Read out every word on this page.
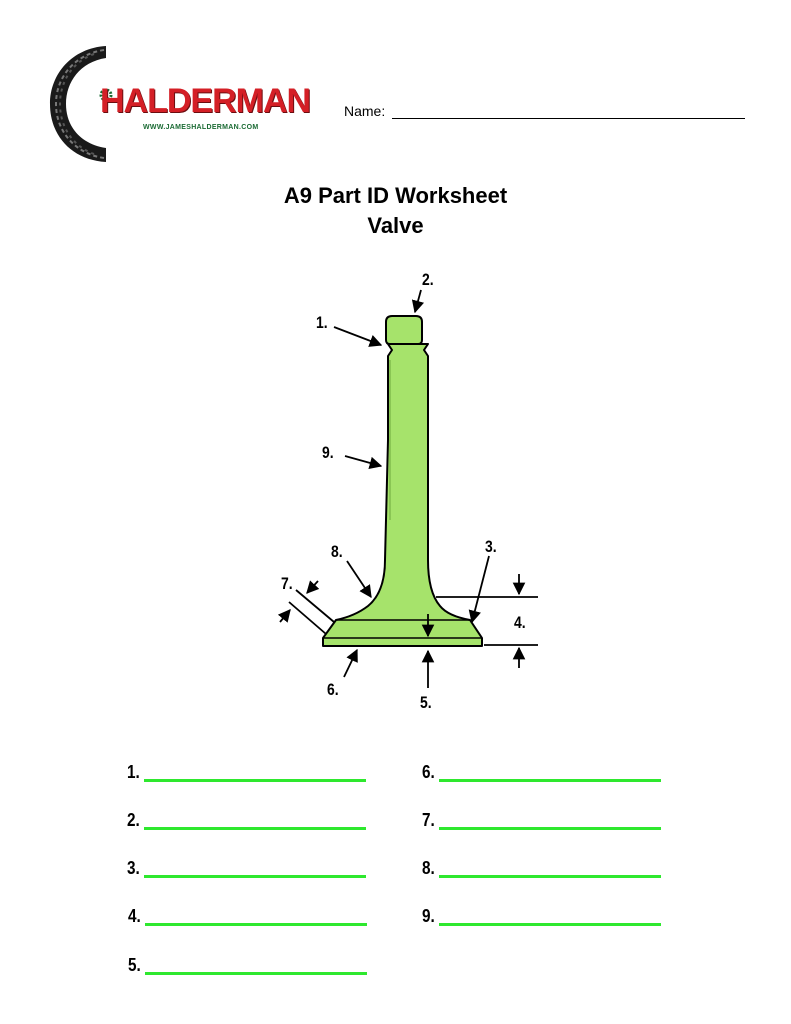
HALDERMAN
WWW.JAMESHALDERMAN.COM
Name:
A9 Part ID Worksheet
Valve
1.
2.
3.
4.
5.
6.
7.
8.
9.
1.
2.
3.
4.
5.
6.
7.
8.
9.
